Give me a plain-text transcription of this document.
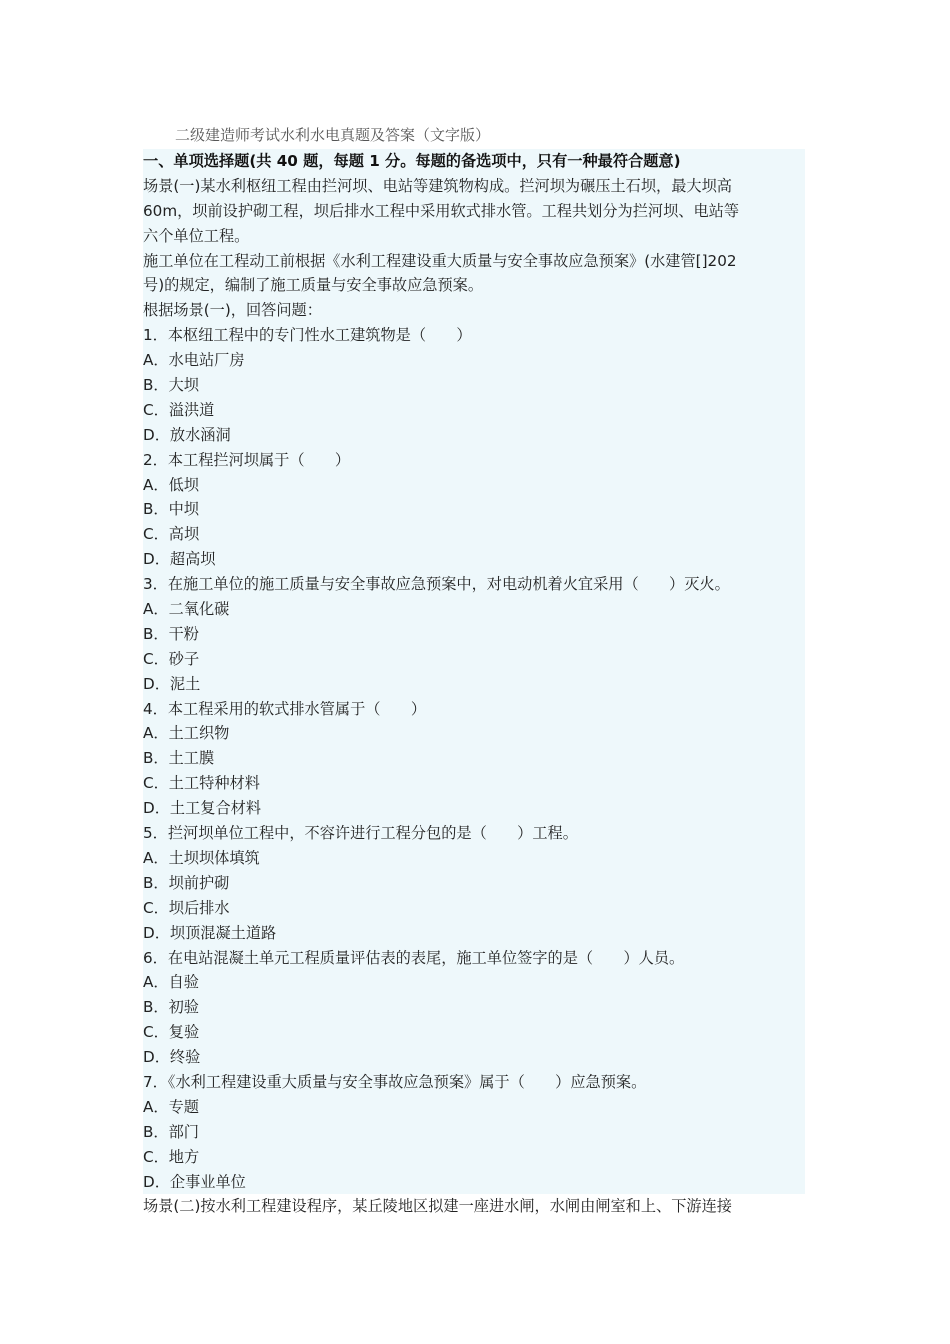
二级建造师考试水利水电真题及答案（文字版）
一、单项选择题(共 40 题，每题 1 分。每题的备选项中，只有一种最符合题意)
场景(一)某水利枢纽工程由拦河坝、电站等建筑物构成。拦河坝为碾压土石坝，最大坝高
60m，坝前设护砌工程，坝后排水工程中采用软式排水管。工程共划分为拦河坝、电站等
六个单位工程。
施工单位在工程动工前根据《水利工程建设重大质量与安全事故应急预案》(水建管[]202
号)的规定，编制了施工质量与安全事故应急预案。
根据场景(一)，回答问题：
1．本枢纽工程中的专门性水工建筑物是（　　）
A．水电站厂房
B．大坝
C．溢洪道
D．放水涵洞
2．本工程拦河坝属于（　　）
A．低坝
B．中坝
C．高坝
D．超高坝
3．在施工单位的施工质量与安全事故应急预案中，对电动机着火宜采用（　　）灭火。
A．二氧化碳
B．干粉
C．砂子
D．泥土
4．本工程采用的软式排水管属于（　　）
A．土工织物
B．土工膜
C．土工特种材料
D．土工复合材料
5．拦河坝单位工程中，不容许进行工程分包的是（　　）工程。
A．土坝坝体填筑
B．坝前护砌
C．坝后排水
D．坝顶混凝土道路
6．在电站混凝土单元工程质量评估表的表尾，施工单位签字的是（　　）人员。
A．自验
B．初验
C．复验
D．终验
7．《水利工程建设重大质量与安全事故应急预案》属于（　　）应急预案。
A．专题
B．部门
C．地方
D．企事业单位
场景(二)按水利工程建设程序，某丘陵地区拟建一座进水闸，水闸由闸室和上、下游连接
